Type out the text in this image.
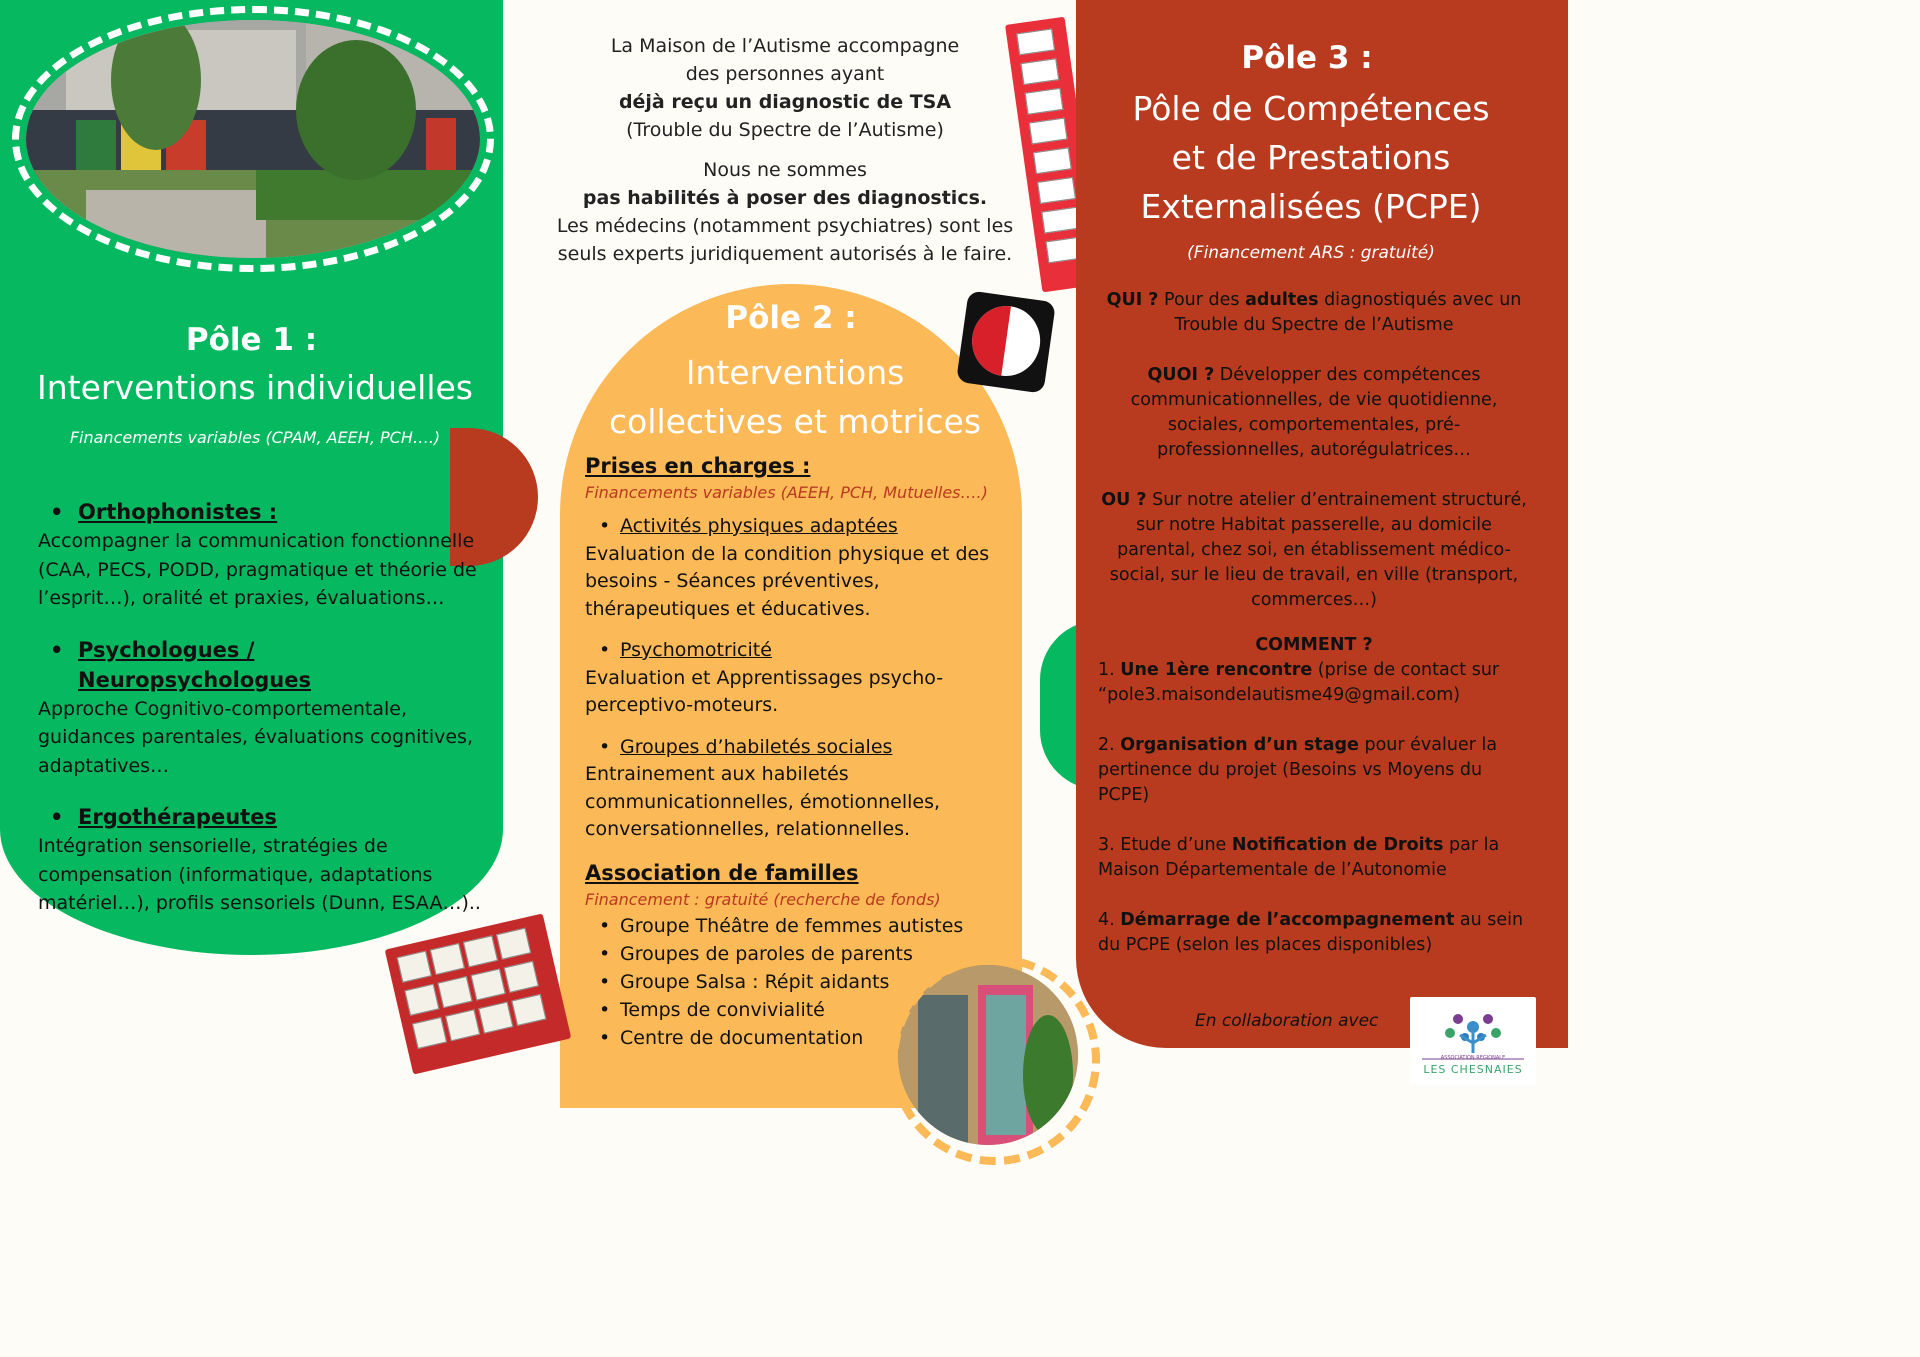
Pôle 1 :
Interventions individuelles
Financements variables (CPAM, AEEH, PCH….)
• Orthophonistes :
Accompagner la communication fonctionnelle (CAA, PECS, PODD, pragmatique et théorie de l’esprit…), oralité et praxies, évaluations…
• Psychologues / Neuropsychologues
Approche Cognitivo-comportementale, guidances parentales, évaluations cognitives, adaptatives…
• Ergothérapeutes
Intégration sensorielle, stratégies de compensation (informatique, adaptations matériel…), profils sensoriels (Dunn, ESAA…)..
La Maison de l’Autisme accompagne
des personnes ayant
déjà reçu un diagnostic de TSA
(Trouble du Spectre de l’Autisme)
Nous ne sommes
pas habilités à poser des diagnostics.
Les médecins (notamment psychiatres) sont les
seuls experts juridiquement autorisés à le faire.
Pôle 2 :
Interventions
collectives et motrices
Prises en charges :
Financements variables (AEEH, PCH, Mutuelles….)
• Activités physiques adaptées
Evaluation de la condition physique et des besoins - Séances préventives, thérapeutiques et éducatives.
• Psychomotricité
Evaluation et Apprentissages psycho-perceptivo-moteurs.
• Groupes d’habiletés sociales
Entrainement aux habiletés communicationnelles, émotionnelles, conversationnelles, relationnelles.
Association de familles
Financement : gratuité (recherche de fonds)
• Groupe Théâtre de femmes autistes
• Groupes de paroles de parents
• Groupe Salsa : Répit aidants
• Temps de convivialité
• Centre de documentation
Pôle 3 :
Pôle de Compétences
et de Prestations
Externalisées (PCPE)
(Financement ARS : gratuité)
QUI ? Pour des adultes diagnostiqués avec un Trouble du Spectre de l’Autisme
QUOI ? Développer des compétences communicationnelles, de vie quotidienne, sociales, comportementales, pré-professionnelles, autorégulatrices…
OU ? Sur notre atelier d’entrainement structuré, sur notre Habitat passerelle, au domicile parental, chez soi, en établissement médico-social, sur le lieu de travail, en ville (transport, commerces…)
COMMENT ?
1. Une 1ère rencontre (prise de contact sur “pole3.maisondelautisme49@gmail.com)
2. Organisation d’un stage pour évaluer la pertinence du projet (Besoins vs Moyens du PCPE)
3. Etude d’une Notification de Droits par la Maison Départementale de l’Autonomie
4. Démarrage de l’accompagnement au sein du PCPE (selon les places disponibles)
En collaboration avec
ASSOCIATION REGIONALE
LES CHESNAIES
